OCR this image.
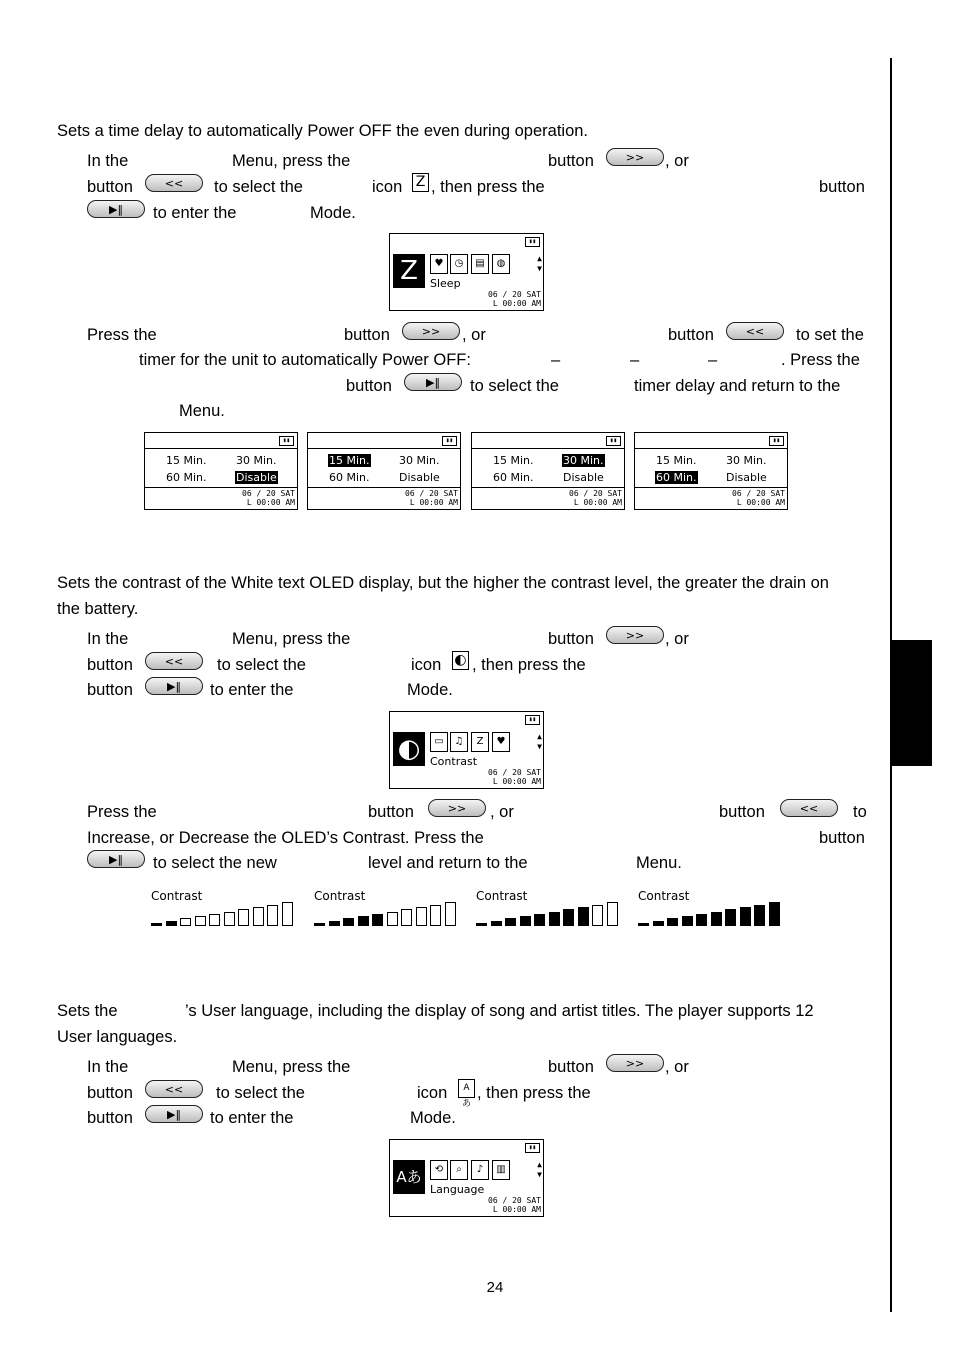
Sets a time delay to automatically Power OFF the even during operation.
In the	Menu, press the	button	>>	, or
button	<<	to select the	icon Z , then press the	button
▶‖	to enter the	Mode.
▮▮
Z	♥	◷	▤	◍	▲
▼
Sleep
06 / 20 SAT
L 00:00 AM
Press the	button	>>	, or	button	<<	to set the
timer for the unit to automatically Power OFF:	–	–	–	. Press the
button	▶‖	to select the	timer delay and return to the
Menu.
▮▮
15 Min.	30 Min.
60 Min.	Disable
06 / 20 SAT
L 00:00 AM
▮▮
15 Min.	30 Min.
60 Min.	Disable
06 / 20 SAT
L 00:00 AM
▮▮
15 Min.	30 Min.
60 Min.	Disable
06 / 20 SAT
L 00:00 AM
▮▮
15 Min.	30 Min.
60 Min.	Disable
06 / 20 SAT
L 00:00 AM
Sets the contrast of the White text OLED display, but the higher the contrast level, the greater the drain on
the battery.
In the	Menu, press the	button	>>	, or
button	<<	to select the	icon ◐ , then press the
button	▶‖	to enter the	Mode.
▮▮
◐	▭	♫	Z	♥	▲
▼
Contrast
06 / 20 SAT
L 00:00 AM
Press the	button	>>	, or	button	<<	to
Increase, or Decrease the OLED’s Contrast. Press the	button
▶‖	to select the new	level and return to the	Menu.
Contrast	Contrast	Contrast	Contrast
Sets the	’s User language, including the display of song and artist titles. The player supports 12
User languages.
In the	Menu, press the	button	>>	, or
button	<<	to select the	icon	Aあ
, then press the
button	▶‖	to enter the	Mode.
▮▮
Aあ	⟲	⌕	♪	▥	▲
▼
Language
06 / 20 SAT
L 00:00 AM
24
